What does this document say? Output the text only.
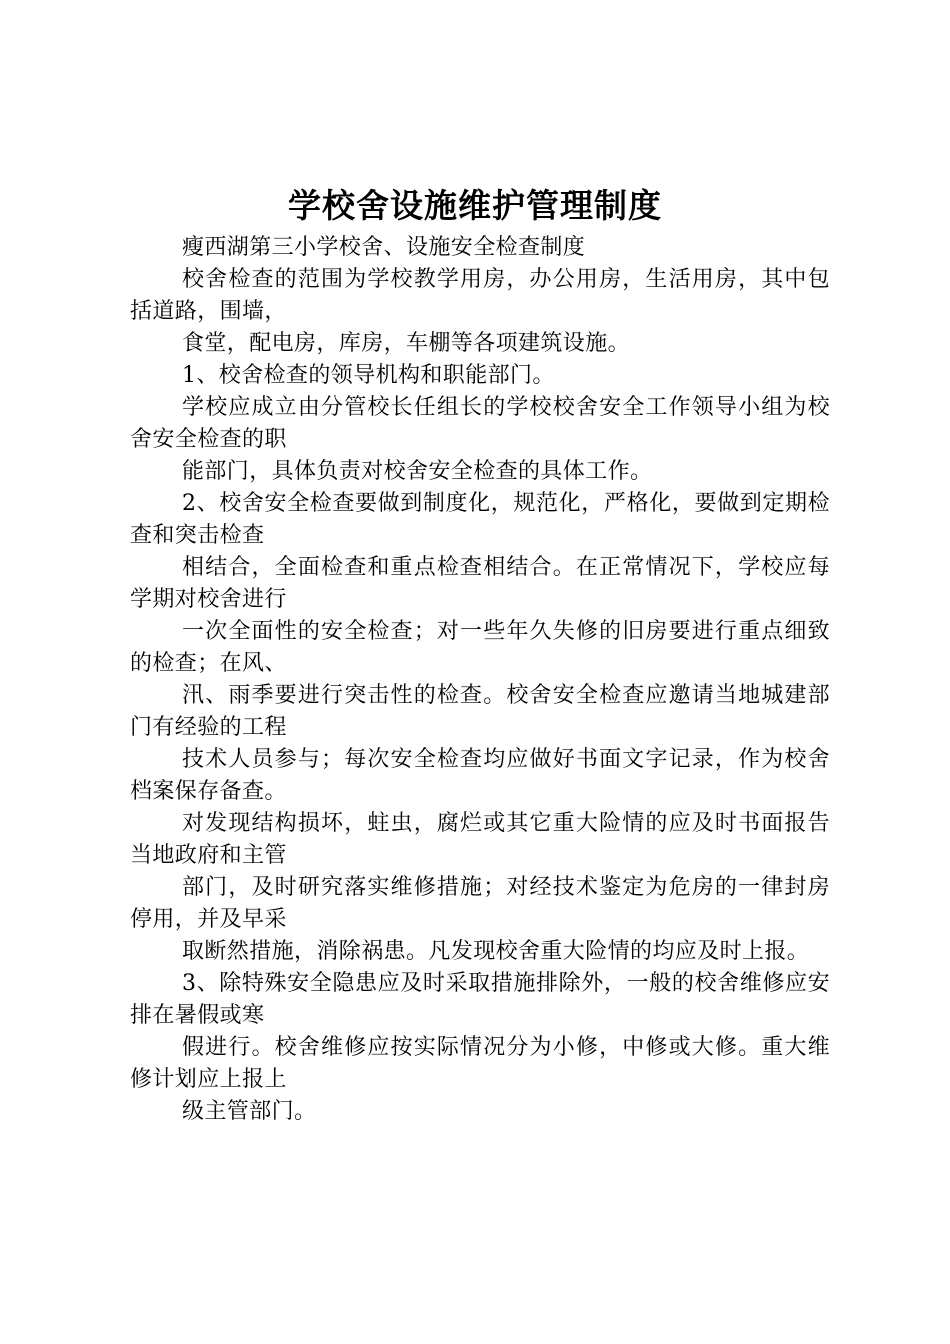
学校舍设施维护管理制度

瘦西湖第三小学校舍、设施安全检查制度

校舍检查的范围为学校教学用房，办公用房，生活用房，其中包括道路，围墙，

食堂，配电房，库房，车棚等各项建筑设施。

1、校舍检查的领导机构和职能部门。

学校应成立由分管校长任组长的学校校舍安全工作领导小组为校舍安全检查的职

能部门，具体负责对校舍安全检查的具体工作。

2、校舍安全检查要做到制度化，规范化，严格化，要做到定期检查和突击检查

相结合，全面检查和重点检查相结合。在正常情况下，学校应每学期对校舍进行

一次全面性的安全检查；对一些年久失修的旧房要进行重点细致的检查；在风、

汛、雨季要进行突击性的检查。校舍安全检查应邀请当地城建部门有经验的工程

技术人员参与；每次安全检查均应做好书面文字记录，作为校舍档案保存备查。

对发现结构损坏，蛀虫，腐烂或其它重大险情的应及时书面报告当地政府和主管

部门，及时研究落实维修措施；对经技术鉴定为危房的一律封房停用，并及早采

取断然措施，消除祸患。凡发现校舍重大险情的均应及时上报。

3、除特殊安全隐患应及时采取措施排除外，一般的校舍维修应安排在暑假或寒

假进行。校舍维修应按实际情况分为小修，中修或大修。重大维修计划应上报上

级主管部门。
